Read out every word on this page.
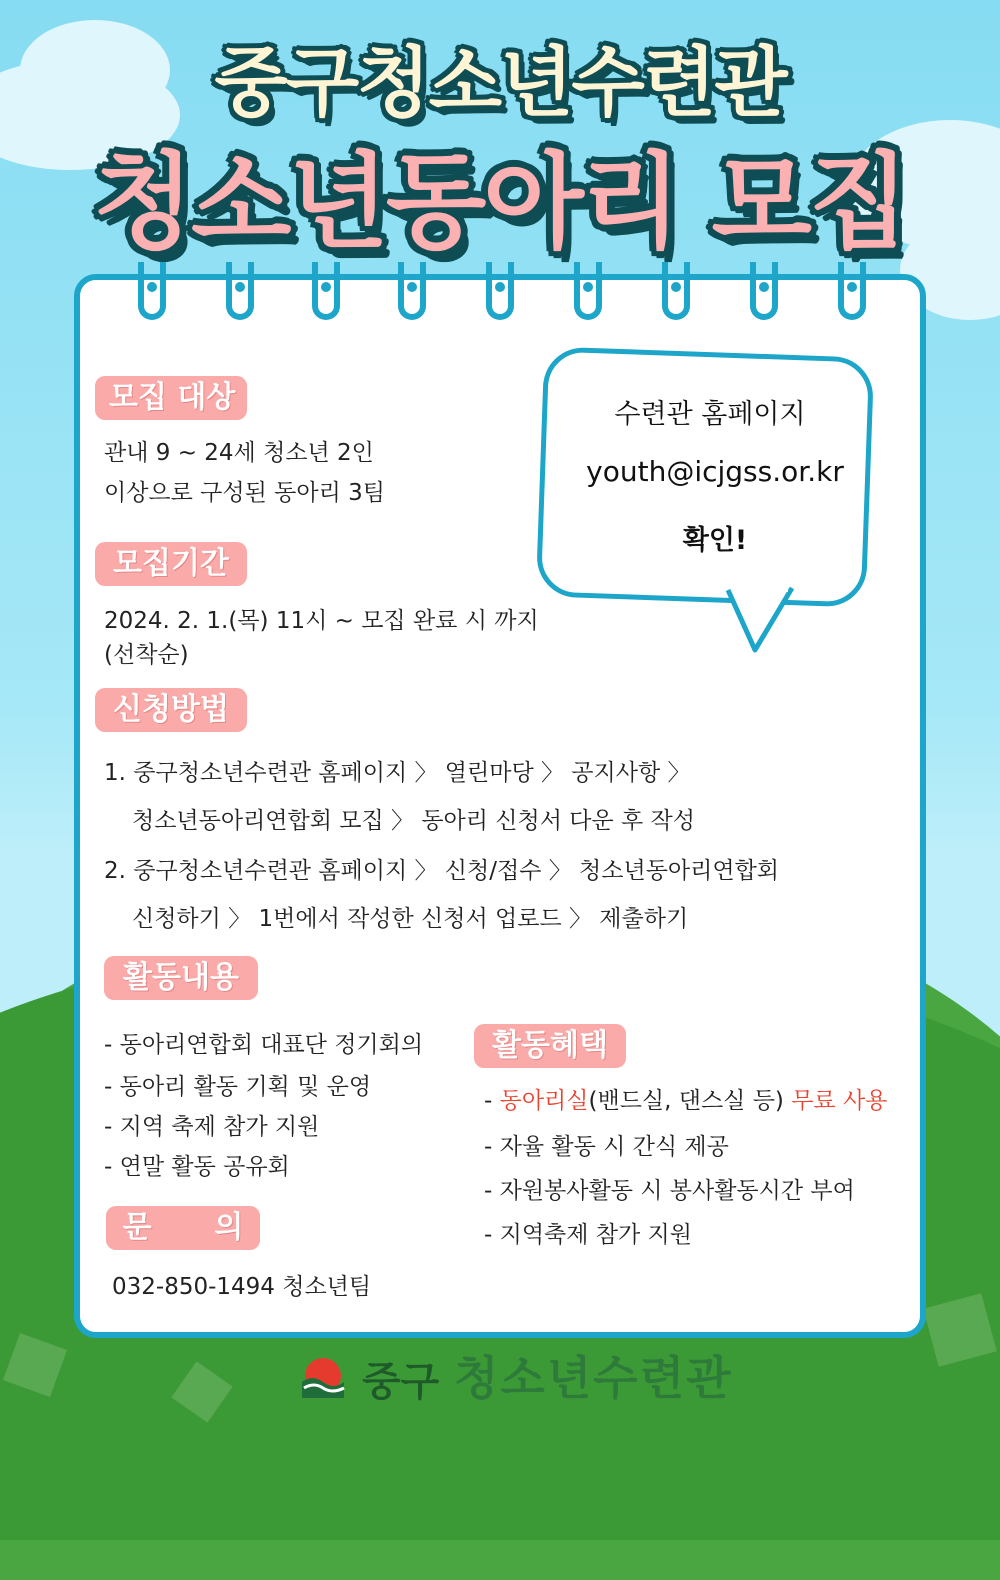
중구청소년수련관
청소년동아리 모집
수련관 홈페이지
youth@icjgss.or.kr
확인!
모집 대상
관내 9 ~ 24세 청소년 2인
이상으로 구성된 동아리 3팀
모집기간
2024. 2. 1.(목) 11시 ~ 모집 완료 시 까지
(선착순)
신청방법
1. 중구청소년수련관 홈페이지 〉 열린마당 〉 공지사항 〉
청소년동아리연합회 모집 〉 동아리 신청서 다운 후 작성
2. 중구청소년수련관 홈페이지 〉 신청/접수 〉 청소년동아리연합회
신청하기 〉 1번에서 작성한 신청서 업로드 〉 제출하기
활동내용
- 동아리연합회 대표단 정기회의
- 동아리 활동 기획 및 운영
- 지역 축제 참가 지원
- 연말 활동 공유회
문      의
032-850-1494 청소년팀
활동혜택
- 동아리실(밴드실, 댄스실 등) 무료 사용
- 자율 활동 시 간식 제공
- 자원봉사활동 시 봉사활동시간 부여
- 지역축제 참가 지원
중구 청소년수련관
